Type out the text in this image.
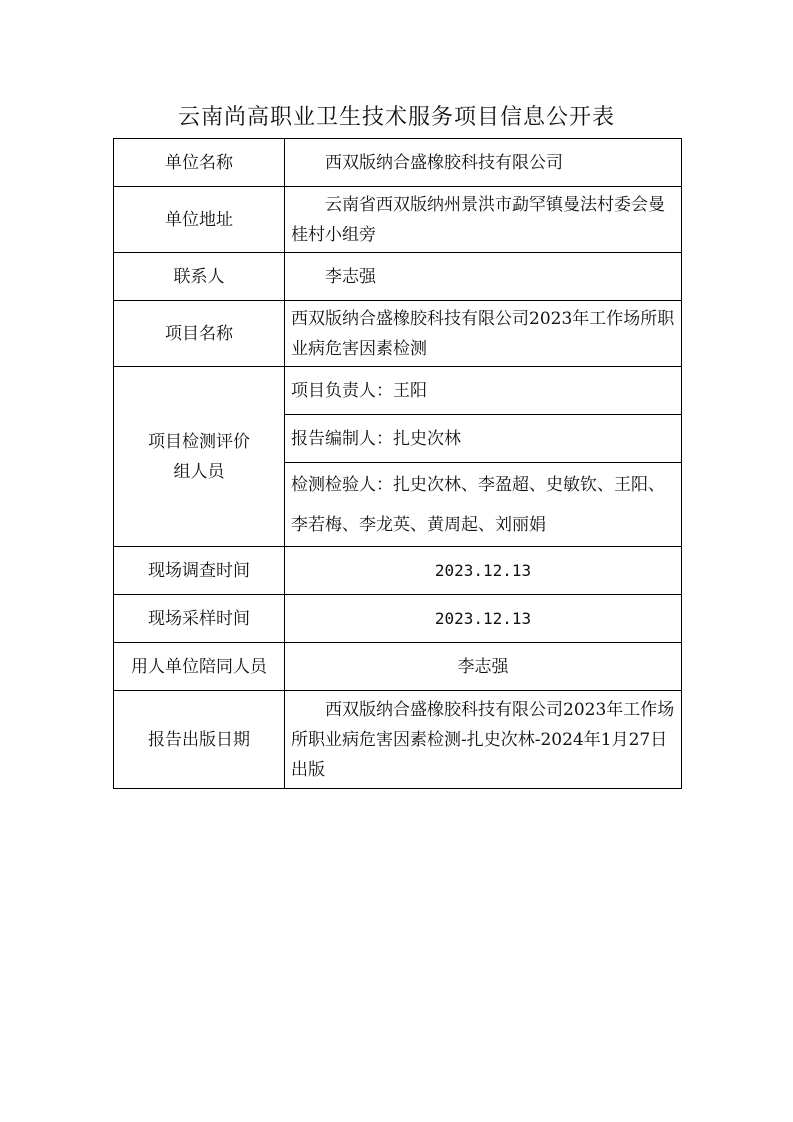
云南尚高职业卫生技术服务项目信息公开表
单位名称	西双版纳合盛橡胶科技有限公司
单位地址	云南省西双版纳州景洪市勐罕镇曼法村委会曼桂村小组旁
联系人	李志强
项目名称	西双版纳合盛橡胶科技有限公司2023年工作场所职业病危害因素检测

项目检测评价
组人员	项目负责人：王阳
	报告编制人：扎史次林
	检测检验人：扎史次林、李盈超、史敏钦、王阳、李若梅、李龙英、黄周起、刘丽娟
现场调查时间	2023.12.13
现场采样时间	2023.12.13
用人单位陪同人员	李志强
报告出版日期	西双版纳合盛橡胶科技有限公司2023年工作场所职业病危害因素检测-扎史次林-2024年1月27日出版
